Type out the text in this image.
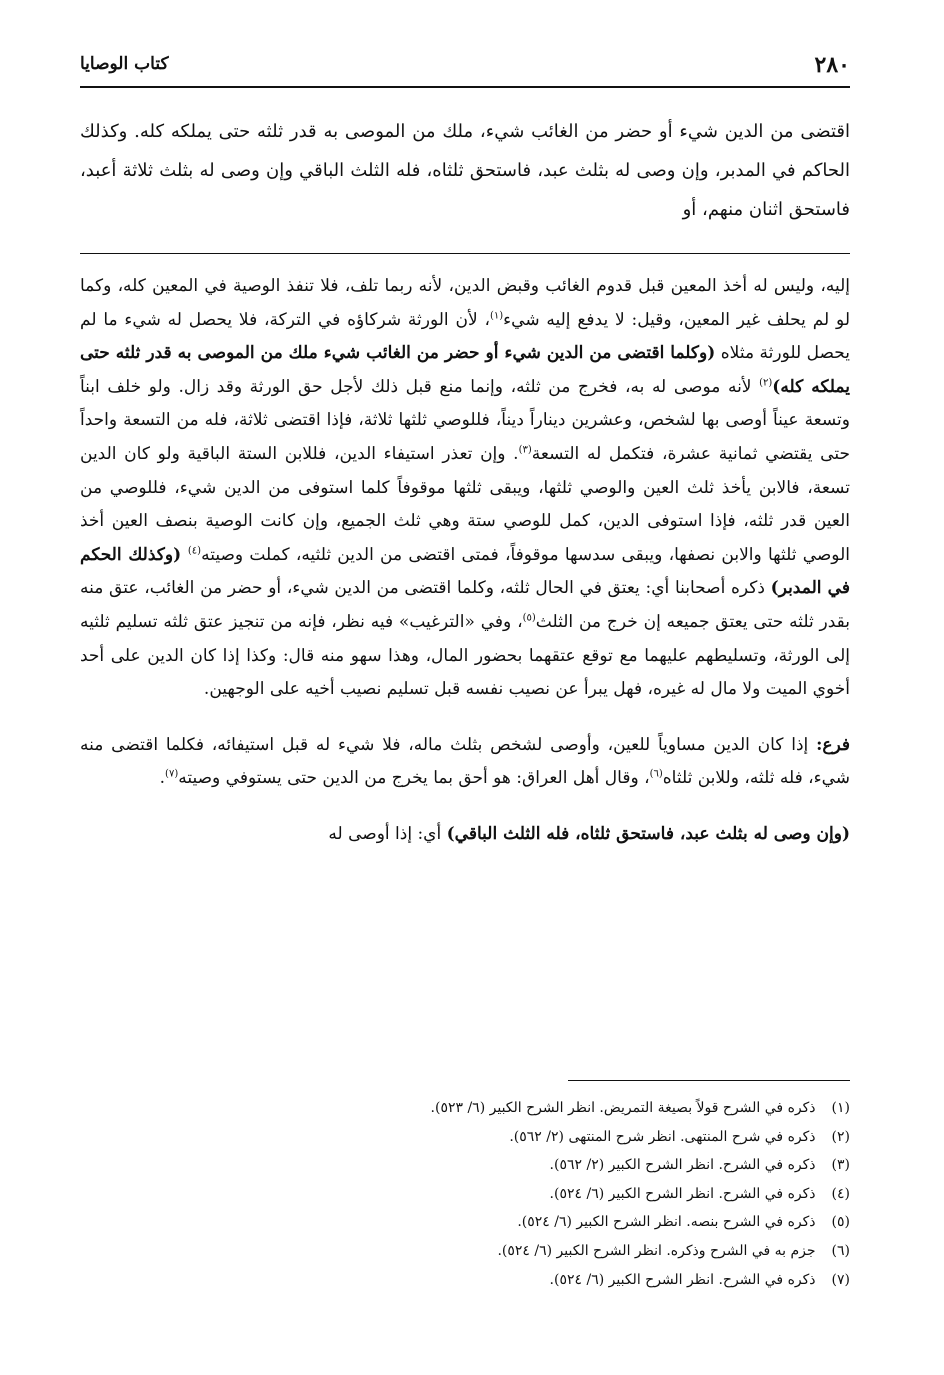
٢٨٠
كتاب الوصايا
اقتضى من الدين شيء أو حضر من الغائب شيء، ملك من الموصى به قدر ثلثه حتى يملكه كله. وكذلك الحاكم في المدبر، وإن وصى له بثلث عبد، فاستحق ثلثاه، فله الثلث الباقي وإن وصى له بثلث ثلاثة أعبد، فاستحق اثنان منهم، أو

إليه، وليس له أخذ المعين قبل قدوم الغائب وقبض الدين، لأنه ربما تلف، فلا تنفذ الوصية في المعين كله، وكما لو لم يحلف غير المعين، وقيل: لا يدفع إليه شيء$^{(١)}$، لأن الورثة شركاؤه في التركة، فلا يحصل له شيء ما لم يحصل للورثة مثلاه (وكلما اقتضى من الدين شيء أو حضر من الغائب شيء ملك من الموصى به قدر ثلثه حتى يملكه كله)$^{(٢)}$ لأنه موصى له به، فخرج من ثلثه، وإنما منع قبل ذلك لأجل حق الورثة وقد زال. ولو خلف ابناً وتسعة عيناً أوصى بها لشخص، وعشرين ديناراً ديناً، فللوصي ثلثها ثلاثة، فإذا اقتضى ثلاثة، فله من التسعة واحداً حتى يقتضي ثمانية عشرة، فتكمل له التسعة$^{(٣)}$. وإن تعذر استيفاء الدين، فللابن الستة الباقية ولو كان الدين تسعة، فالابن يأخذ ثلث العين والوصي ثلثها، ويبقى ثلثها موقوفاً كلما استوفى من الدين شيء، فللوصي من العين قدر ثلثه، فإذا استوفى الدين، كمل للوصي ستة وهي ثلث الجميع، وإن كانت الوصية بنصف العين أخذ الوصي ثلثها والابن نصفها، ويبقى سدسها موقوفاً، فمتى اقتضى من الدين ثلثيه، كملت وصيته$^{(٤)}$ (وكذلك الحكم في المدبر) ذكره أصحابنا أي: يعتق في الحال ثلثه، وكلما اقتضى من الدين شيء، أو حضر من الغائب، عتق منه بقدر ثلثه حتى يعتق جميعه إن خرج من الثلث$^{(٥)}$، وفي «الترغيب» فيه نظر، فإنه من تنجيز عتق ثلثه تسليم ثلثيه إلى الورثة، وتسليطهم عليهما مع توقع عتقهما بحضور المال، وهذا سهو منه قال: وكذا إذا كان الدين على أحد أخوي الميت ولا مال له غيره، فهل يبرأ عن نصيب نفسه قبل تسليم نصيب أخيه على الوجهين.

فرع: إذا كان الدين مساوياً للعين، وأوصى لشخص بثلث ماله، فلا شيء له قبل استيفائه، فكلما اقتضى منه شيء، فله ثلثه، وللابن ثلثاه$^{(٦)}$، وقال أهل العراق: هو أحق بما يخرج من الدين حتى يستوفي وصيته$^{(٧)}$.

(وإن وصى له بثلث عبد، فاستحق ثلثاه، فله الثلث الباقي) أي: إذا أوصى له

(١) ذكره في الشرح قولاً بصيغة التمريض. انظر الشرح الكبير (٦/ ٥٢٣).
(٢) ذكره في شرح المنتهى. انظر شرح المنتهى (٢/ ٥٦٢).
(٣) ذكره في الشرح. انظر الشرح الكبير (٢/ ٥٦٢).
(٤) ذكره في الشرح. انظر الشرح الكبير (٦/ ٥٢٤).
(٥) ذكره في الشرح بنصه. انظر الشرح الكبير (٦/ ٥٢٤).
(٦) جزم به في الشرح وذكره. انظر الشرح الكبير (٦/ ٥٢٤).
(٧) ذكره في الشرح. انظر الشرح الكبير (٦/ ٥٢٤).
